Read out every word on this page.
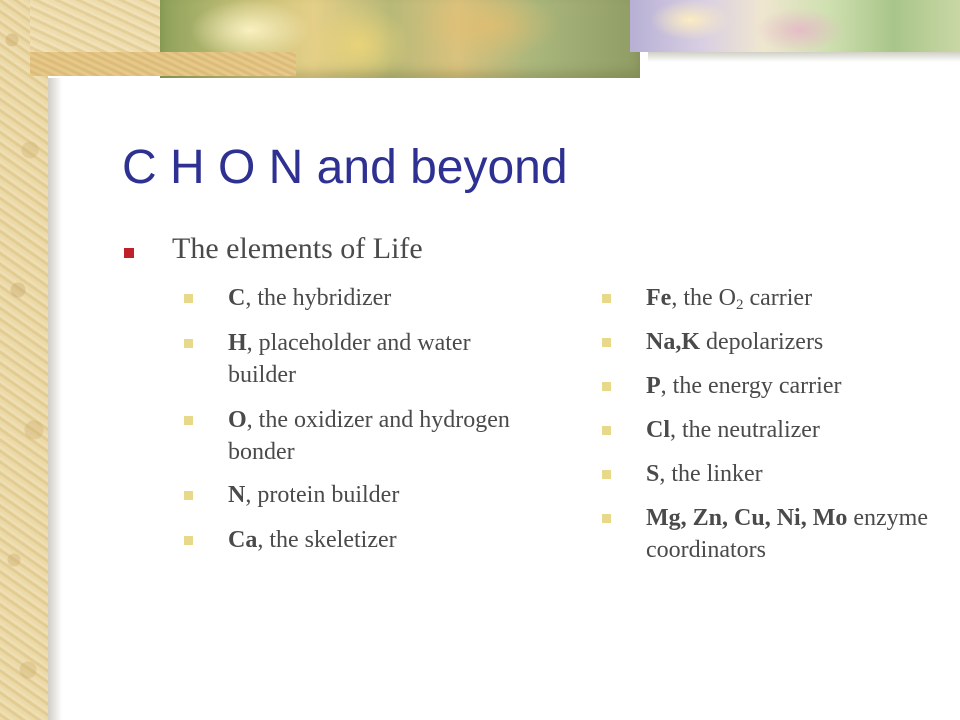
C H O N and beyond
The elements of Life
C, the hybridizer
H, placeholder and water builder
O, the oxidizer and hydrogen bonder
N, protein builder
Ca, the skeletizer
Fe, the $O_2$ carrier
Na,K depolarizers
P, the energy carrier
Cl, the neutralizer
S, the linker
Mg, Zn, Cu, Ni, Mo enzyme coordinators
